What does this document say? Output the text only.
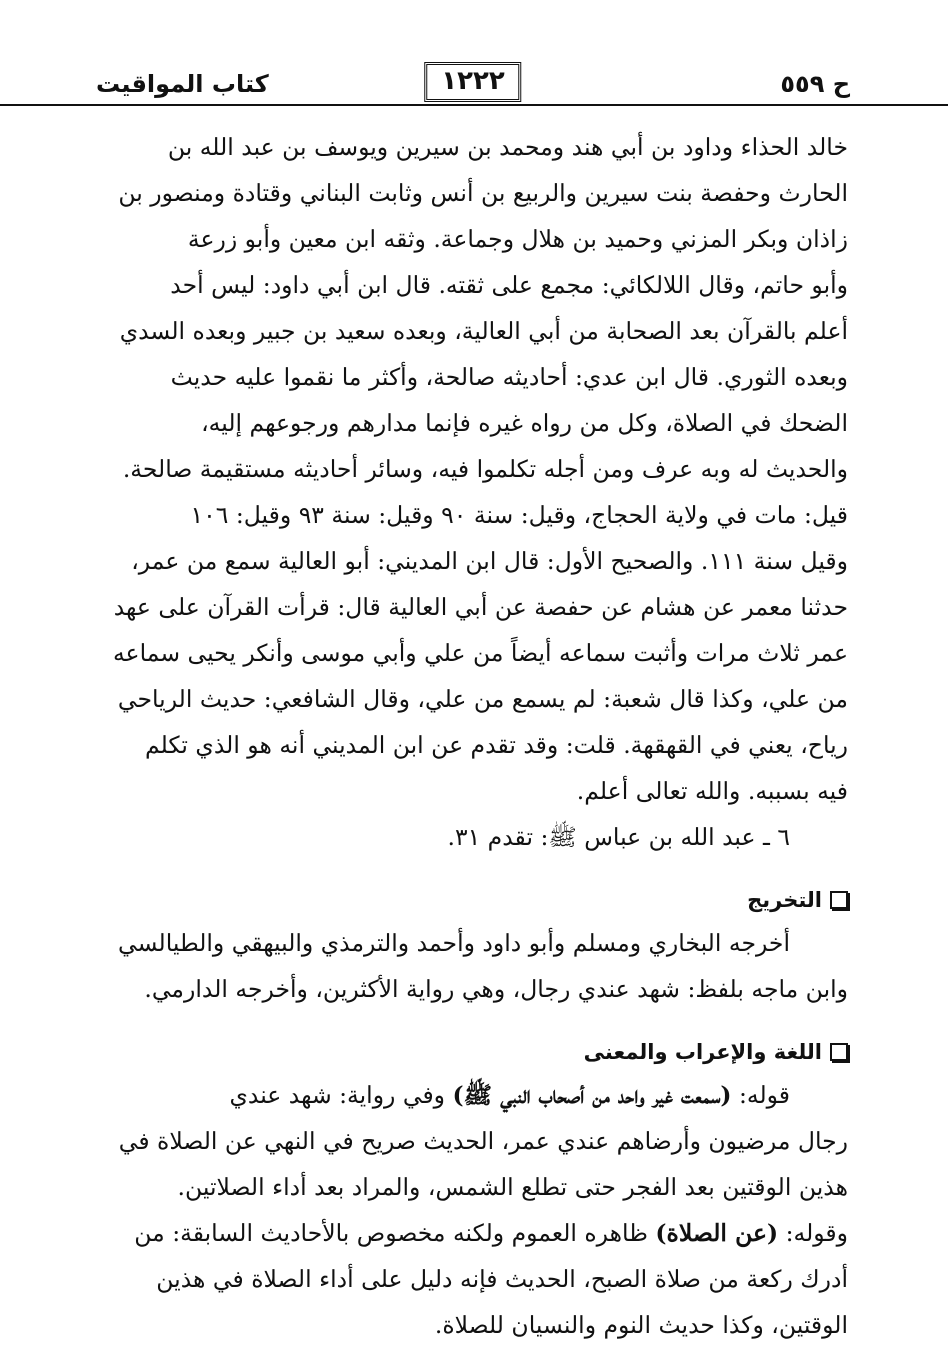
كتاب المواقيت	١٢٢٢	ح ٥٥٩

خالد الحذاء وداود بن أبي هند ومحمد بن سيرين ويوسف بن عبد الله بن

الحارث وحفصة بنت سيرين والربيع بن أنس وثابت البناني وقتادة ومنصور بن

زاذان وبكر المزني وحميد بن هلال وجماعة. وثقه ابن معين وأبو زرعة

وأبو حاتم، وقال اللالكائي: مجمع على ثقته. قال ابن أبي داود: ليس أحد

أعلم بالقرآن بعد الصحابة من أبي العالية، وبعده سعيد بن جبير وبعده السدي

وبعده الثوري. قال ابن عدي: أحاديثه صالحة، وأكثر ما نقموا عليه حديث

الضحك في الصلاة، وكل من رواه غيره فإنما مدارهم ورجوعهم إليه،

والحديث له وبه عرف ومن أجله تكلموا فيه، وسائر أحاديثه مستقيمة صالحة.

قيل: مات في ولاية الحجاج، وقيل: سنة ٩٠ وقيل: سنة ٩٣ وقيل: ١٠٦

وقيل سنة ١١١. والصحيح الأول: قال ابن المديني: أبو العالية سمع من عمر،

حدثنا معمر عن هشام عن حفصة عن أبي العالية قال: قرأت القرآن على عهد

عمر ثلاث مرات وأثبت سماعه أيضاً من علي وأبي موسى وأنكر يحيى سماعه

من علي، وكذا قال شعبة: لم يسمع من علي، وقال الشافعي: حديث الرياحي

رياح، يعني في القهقهة. قلت: وقد تقدم عن ابن المديني أنه هو الذي تكلم

فيه بسببه. والله تعالى أعلم.

٦ ـ عبد الله بن عباس ﷺ: تقدم ٣١.

التخريج

أخرجه البخاري ومسلم وأبو داود وأحمد والترمذي والبيهقي والطيالسي

وابن ماجه بلفظ: شهد عندي رجال، وهي رواية الأكثرين، وأخرجه الدارمي.

اللغة والإعراب والمعنى

قوله: (سمعت غير واحد من أصحاب النبي ﷺ) وفي رواية: شهد عندي

رجال مرضيون وأرضاهم عندي عمر، الحديث صريح في النهي عن الصلاة في

هذين الوقتين بعد الفجر حتى تطلع الشمس، والمراد بعد أداء الصلاتين.

وقوله: (عن الصلاة) ظاهره العموم ولكنه مخصوص بالأحاديث السابقة: من

أدرك ركعة من صلاة الصبح، الحديث فإنه دليل على أداء الصلاة في هذين

الوقتين، وكذا حديث النوم والنسيان للصلاة.
